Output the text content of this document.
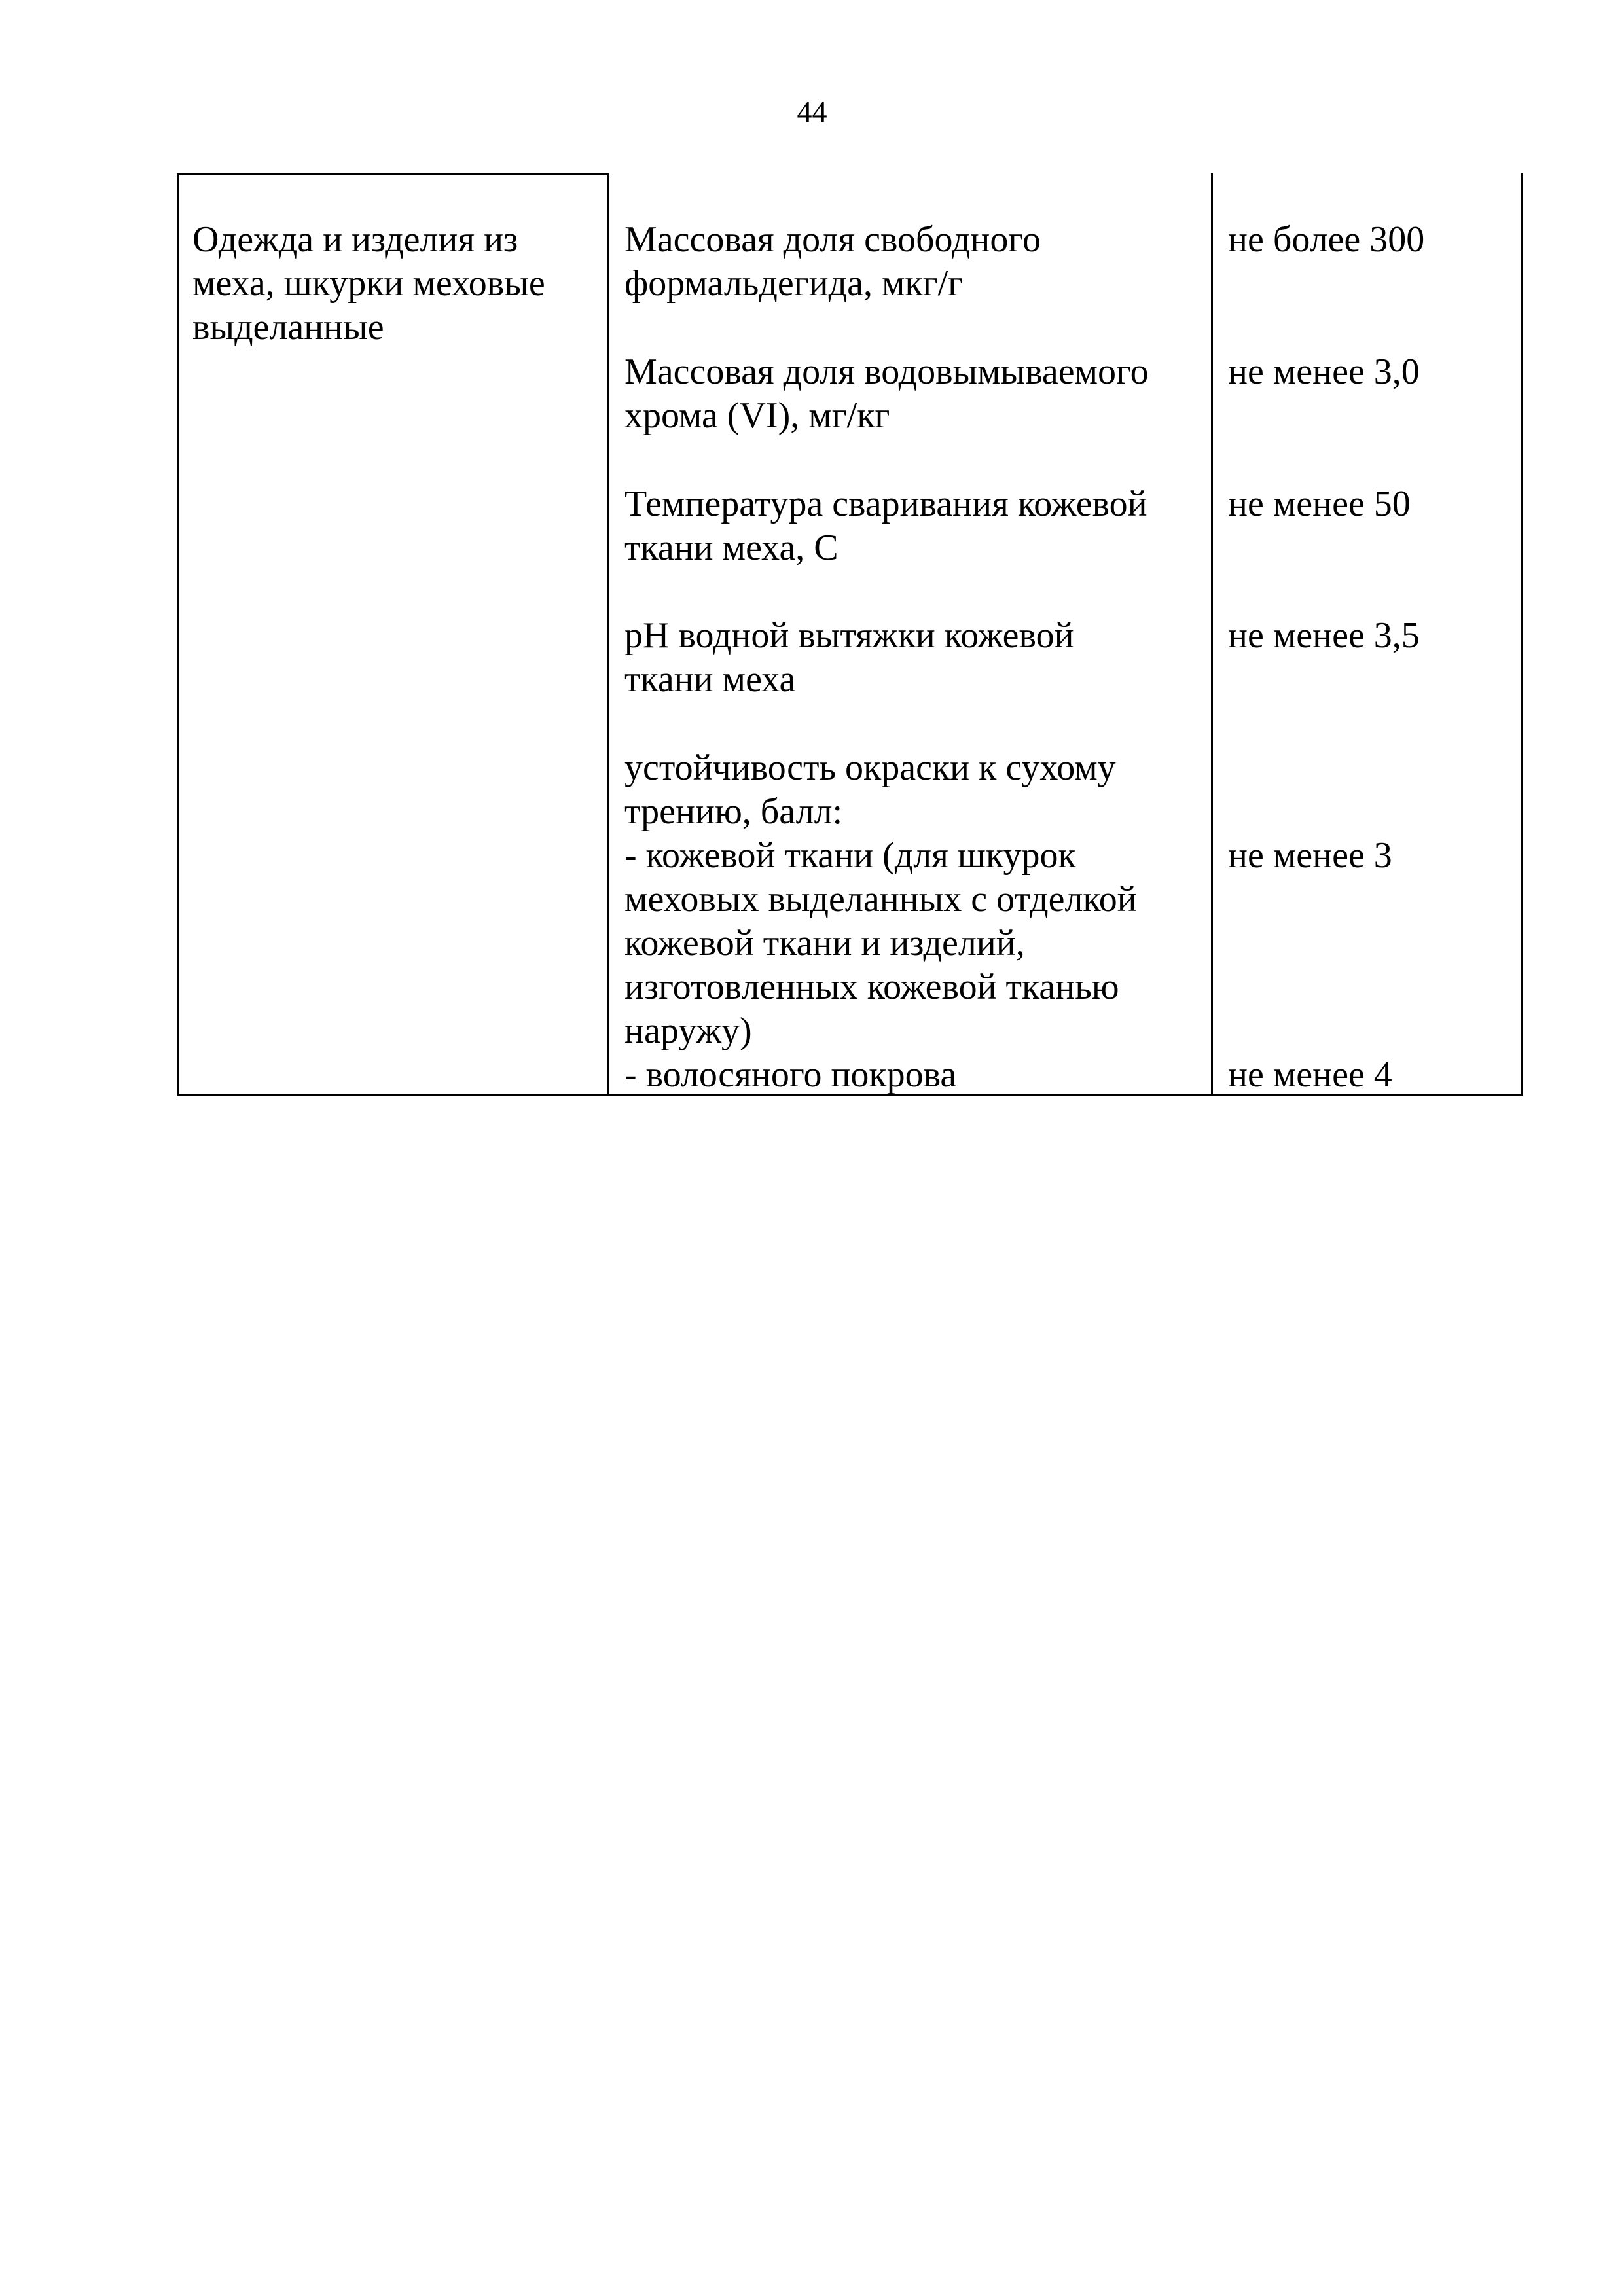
44
Одежда и изделия из
меха, шкурки меховые
выделанные
Массовая доля свободного
формальдегида, мкг/г
не более 300
Массовая доля водовымываемого
хрома (VI), мг/кг
не менее 3,0
Температура сваривания кожевой
ткани меха, С
не менее 50
pH водной вытяжки кожевой
ткани меха
не менее 3,5
устойчивость окраски к сухому
трению, балл:
- кожевой ткани (для шкурок
меховых выделанных с отделкой
кожевой ткани и изделий,
изготовленных кожевой тканью
наружу)
не менее 3
- волосяного покрова	не менее 4
